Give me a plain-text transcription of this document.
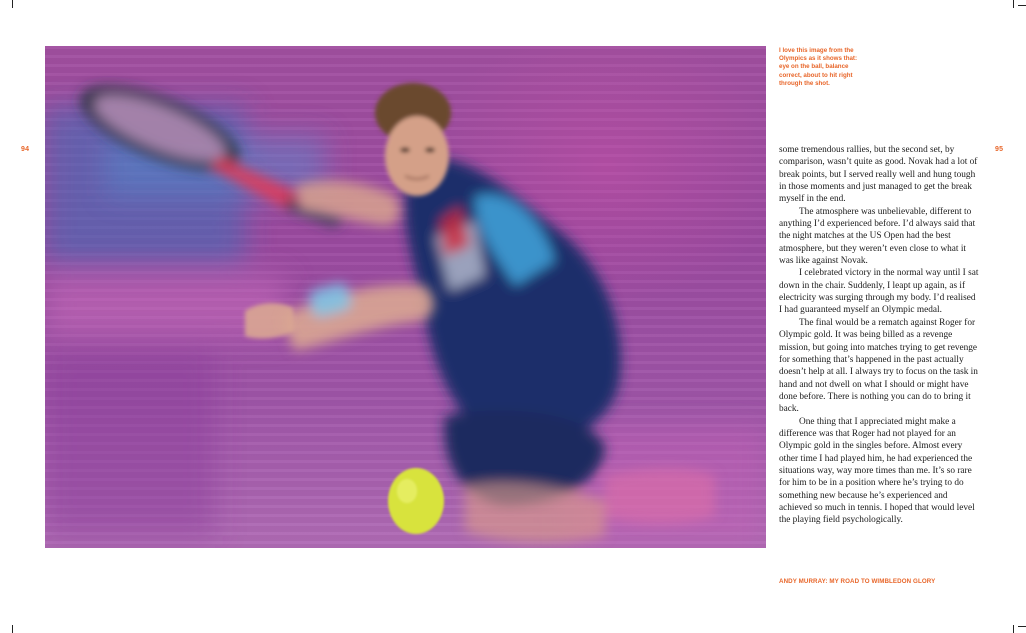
94	95
I love this image from the Olympics as it shows that: eye on the ball, balance correct, about to hit right through the shot.

some tremendous rallies, but the second set, by comparison, wasn’t quite as good. Novak had a lot of break points, but I served really well and hung tough in those moments and just managed to get the break myself in the end.

The atmosphere was unbelievable, different to anything I’d experienced before. I’d always said that the night matches at the US Open had the best atmosphere, but they weren’t even close to what it was like against Novak.

I celebrated victory in the normal way until I sat down in the chair. Suddenly, I leapt up again, as if electricity was surging through my body. I’d realised I had guaranteed myself an Olympic medal.

The final would be a rematch against Roger for Olympic gold. It was being billed as a revenge mission, but going into matches trying to get revenge for something that’s happened in the past actually doesn’t help at all. I always try to focus on the task in hand and not dwell on what I should or might have done before. There is nothing you can do to bring it back.

One thing that I appreciated might make a difference was that Roger had not played for an Olympic gold in the singles before. Almost every other time I had played him, he had experienced the situations way, way more times than me. It’s so rare for him to be in a position where he’s trying to do something new because he’s experienced and achieved so much in tennis. I hoped that would level the playing field psychologically.

ANDY MURRAY: MY ROAD TO WIMBLEDON GLORY
